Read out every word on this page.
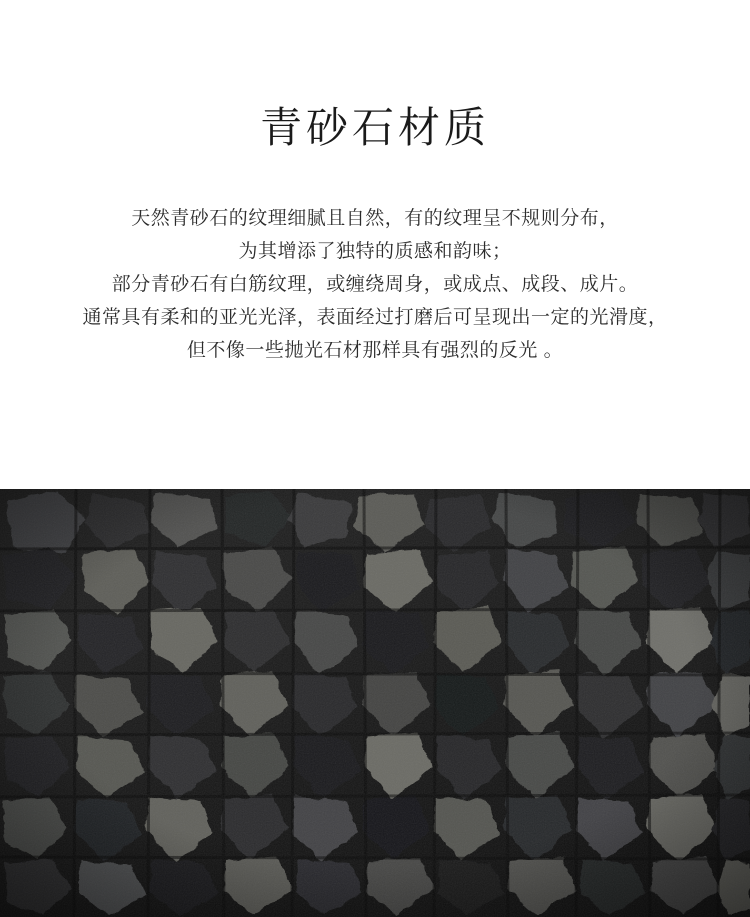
青砂石材质
天然青砂石的纹理细腻且自然，有的纹理呈不规则分布，
为其增添了独特的质感和韵味；
部分青砂石有白筋纹理，或缠绕周身，或成点、成段、成片。
通常具有柔和的亚光光泽，表面经过打磨后可呈现出一定的光滑度，
但不像一些抛光石材那样具有强烈的反光 。
